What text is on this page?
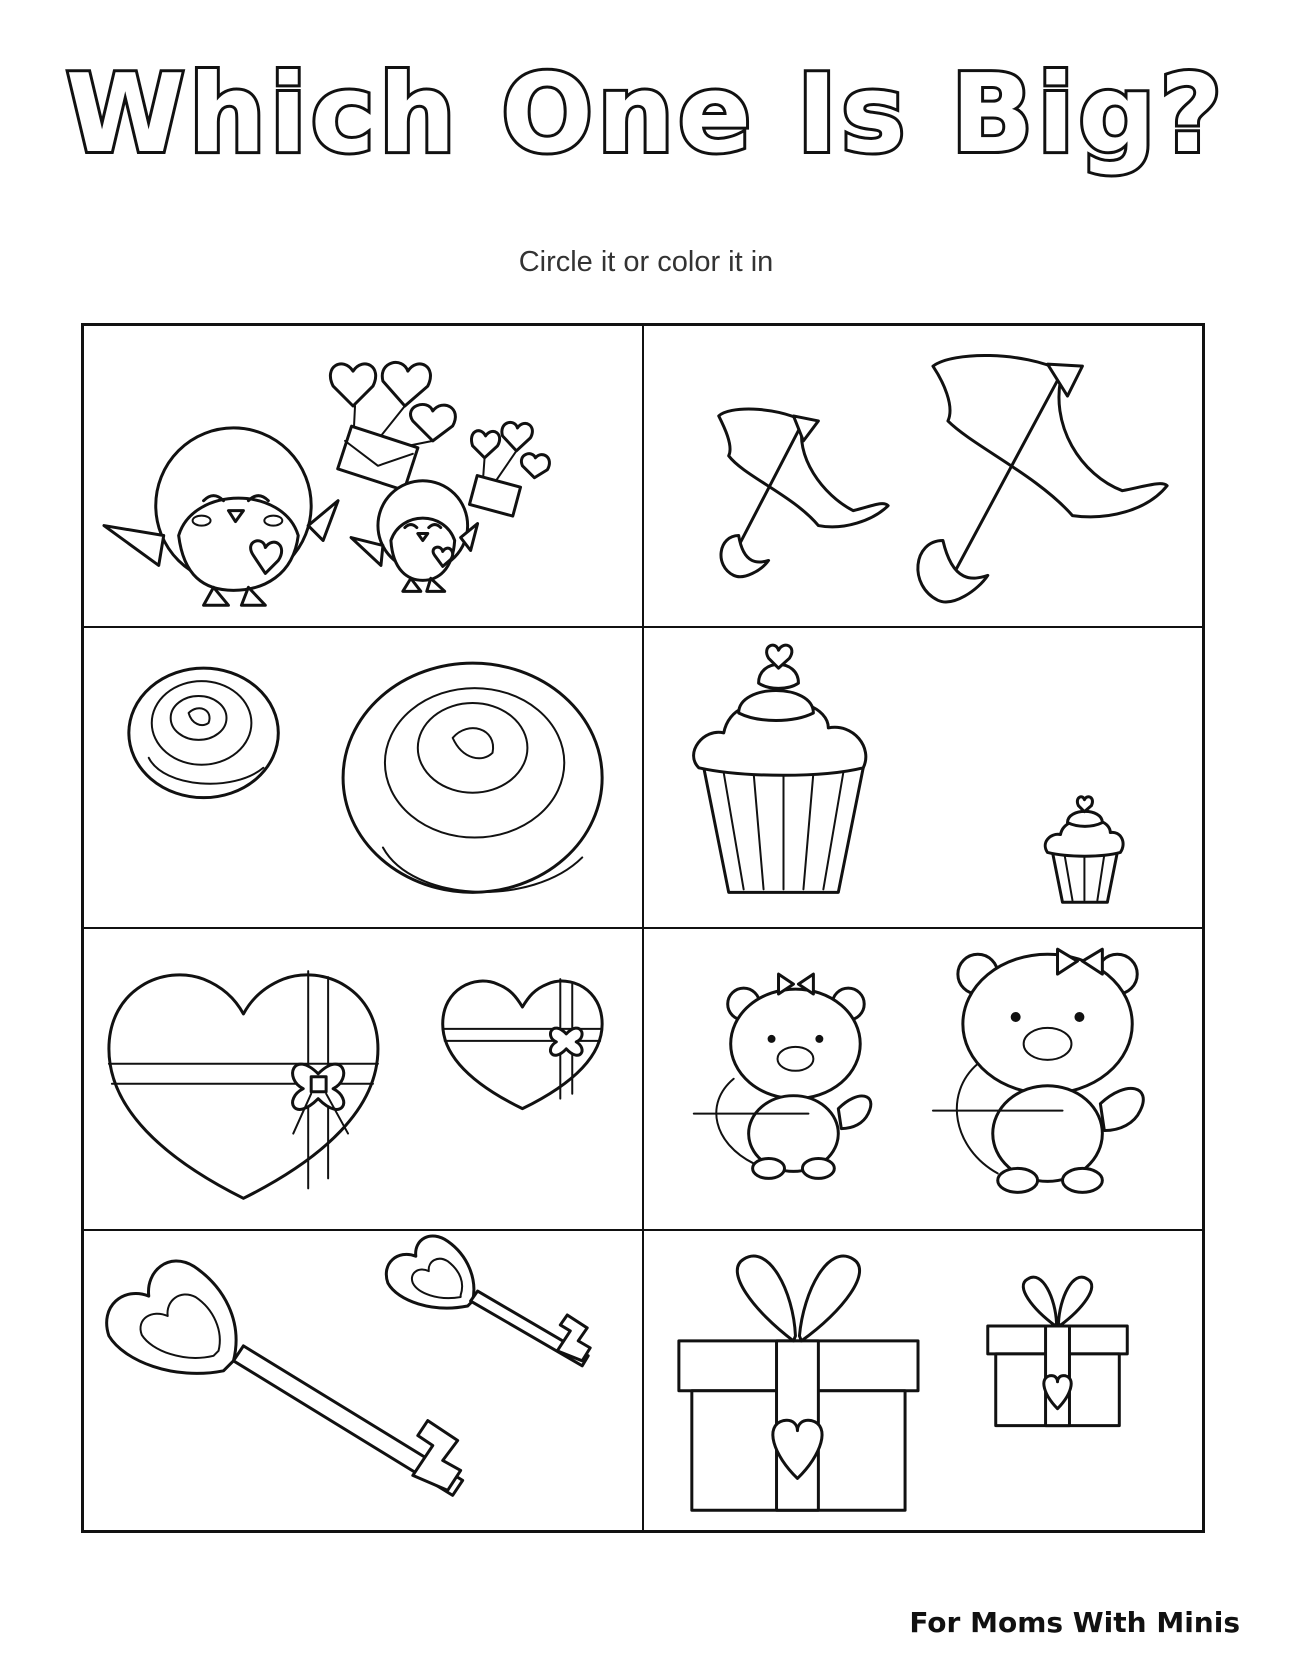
Which One Is Big?
Circle it or color it in
For Moms With Minis
